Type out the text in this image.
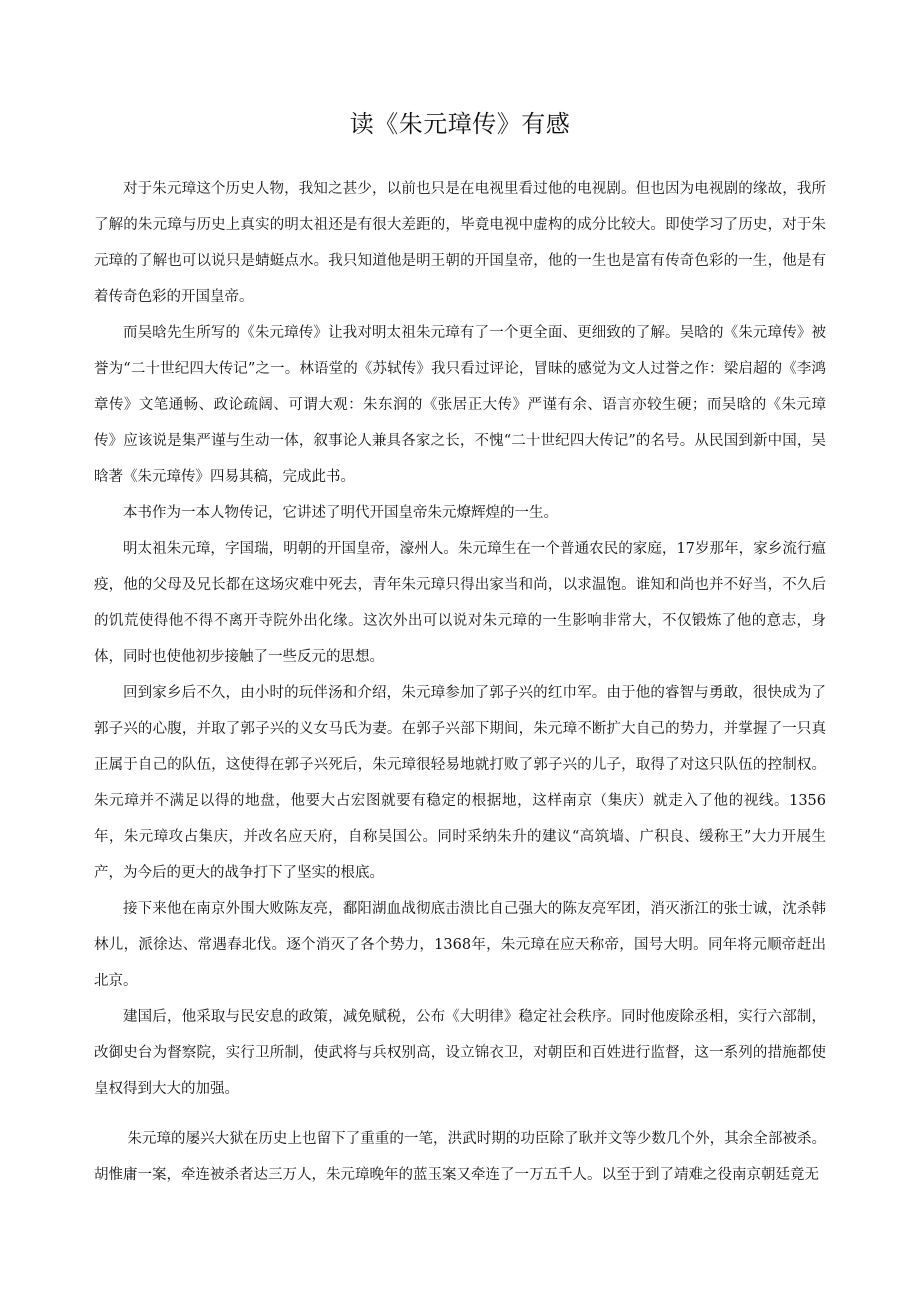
读《朱元璋传》有感

对于朱元璋这个历史人物，我知之甚少，以前也只是在电视里看过他的电视剧。但也因为电视剧的缘故，我所了解的朱元璋与历史上真实的明太祖还是有很大差距的，毕竟电视中虚构的成分比较大。即使学习了历史，对于朱元璋的了解也可以说只是蜻蜓点水。我只知道他是明王朝的开国皇帝，他的一生也是富有传奇色彩的一生，他是有着传奇色彩的开国皇帝。

而吴晗先生所写的《朱元璋传》让我对明太祖朱元璋有了一个更全面、更细致的了解。吴晗的《朱元璋传》被誉为“二十世纪四大传记”之一。林语堂的《苏轼传》我只看过评论，冒昧的感觉为文人过誉之作：梁启超的《李鸿章传》文笔通畅、政论疏阔、可谓大观：朱东润的《张居正大传》严谨有余、语言亦较生硬；而吴晗的《朱元璋传》应该说是集严谨与生动一体，叙事论人兼具各家之长，不愧“二十世纪四大传记”的名号。从民国到新中国，吴晗著《朱元璋传》四易其稿，完成此书。

本书作为一本人物传记，它讲述了明代开国皇帝朱元燎辉煌的一生。

明太祖朱元璋，字国瑞，明朝的开国皇帝，濠州人。朱元璋生在一个普通农民的家庭，17岁那年，家乡流行瘟疫，他的父母及兄长都在这场灾难中死去，青年朱元璋只得出家当和尚，以求温饱。谁知和尚也并不好当，不久后的饥荒使得他不得不离开寺院外出化缘。这次外出可以说对朱元璋的一生影响非常大，不仅锻炼了他的意志，身体，同时也使他初步接触了一些反元的思想。

回到家乡后不久，由小时的玩伴汤和介绍，朱元璋参加了郭子兴的红巾军。由于他的睿智与勇敢，很快成为了郭子兴的心腹，并取了郭子兴的义女马氏为妻。在郭子兴部下期间，朱元璋不断扩大自己的势力，并掌握了一只真正属于自己的队伍，这使得在郭子兴死后，朱元璋很轻易地就打败了郭子兴的儿子，取得了对这只队伍的控制权。朱元璋并不满足以得的地盘，他要大占宏图就要有稳定的根据地，这样南京（集庆）就走入了他的视线。1356年，朱元璋攻占集庆，并改名应天府，自称吴国公。同时采纳朱升的建议“高筑墙、广积良、缓称王”大力开展生产，为今后的更大的战争打下了坚实的根底。

接下来他在南京外围大败陈友亮，鄱阳湖血战彻底击溃比自己强大的陈友亮军团，消灭浙江的张士诚，沈杀韩林儿，派徐达、常遇春北伐。逐个消灭了各个势力，1368年，朱元璋在应天称帝，国号大明。同年将元顺帝赶出北京。

建国后，他采取与民安息的政策，减免赋税，公布《大明律》稳定社会秩序。同时他废除丞相，实行六部制，改御史台为督察院，实行卫所制，使武将与兵权别高，设立锦衣卫，对朝臣和百姓进行监督，这一系列的措施都使皇权得到大大的加强。

朱元璋的屡兴大狱在历史上也留下了重重的一笔，洪武时期的功臣除了耿并文等少数几个外，其余全部被杀。胡惟庸一案，牵连被杀者达三万人，朱元璋晚年的蓝玉案又牵连了一万五千人。以至于到了靖难之役南京朝廷竟无
